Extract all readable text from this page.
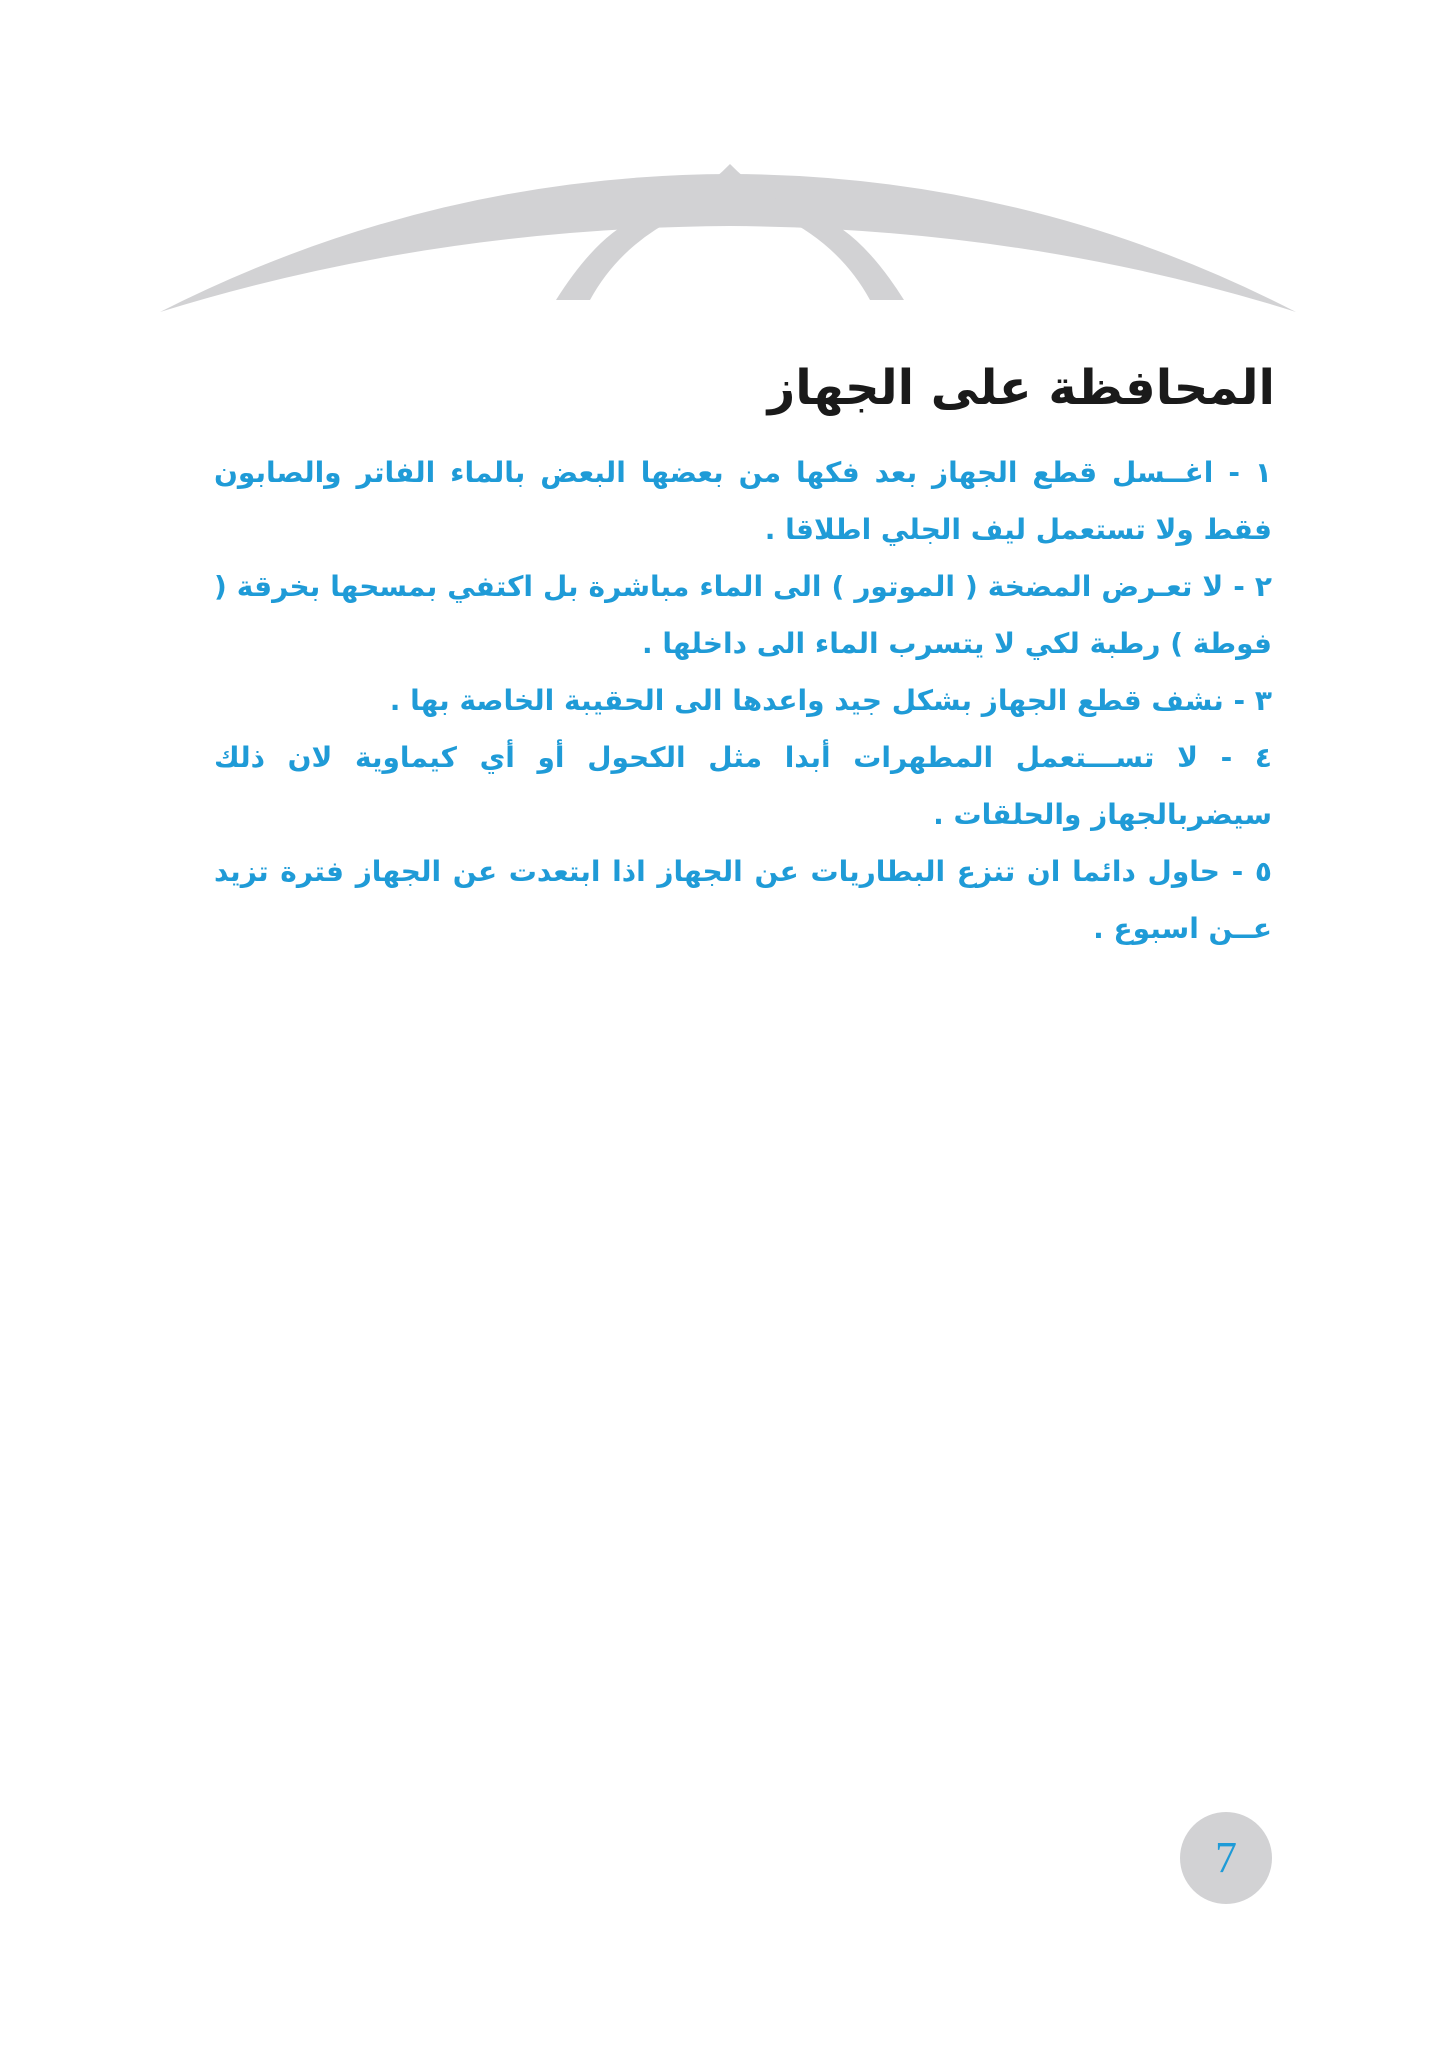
المحافظة على الجهاز
١ - اغــسل قطع الجهاز بعد فكها من بعضها البعض بالماء الفاتر والصابون فقط ولا تستعمل ليف الجلي اطلاقا .
٢ - لا تعـرض المضخة ( الموتور ) الى الماء مباشرة بل اكتفي بمسحها بخرقة ( فوطة ) رطبة لكي لا يتسرب الماء الى داخلها .
٣ - نشف قطع الجهاز بشكل جيد واعدها الى الحقيبة الخاصة بها .
٤ - لا تســـتعمل المطهرات أبدا مثل الكحول أو أي كيماوية لان ذلك سيضربالجهاز والحلقات .
٥ - حاول دائما ان تنزع البطاريات عن الجهاز اذا ابتعدت عن الجهاز فترة تزيد عــن اسبوع .
7
